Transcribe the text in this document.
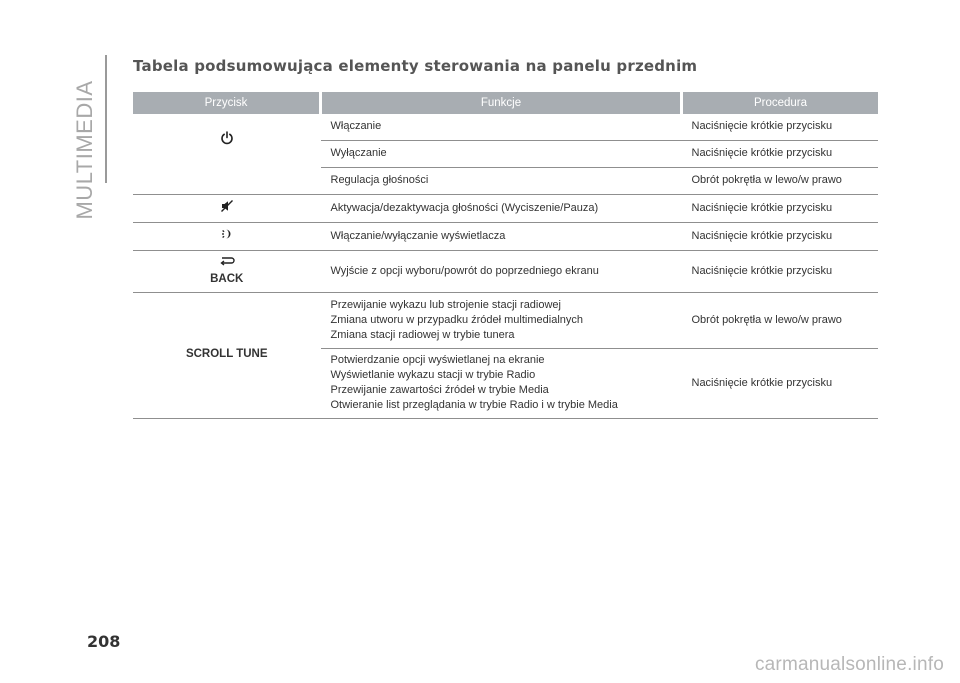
MULTIMEDIA
Tabela podsumowująca elementy sterowania na panelu przednim
Przycisk	Funkcje	Procedura
	Włączanie	Naciśnięcie krótkie przycisku
	Wyłączanie	Naciśnięcie krótkie przycisku
	Regulacja głośności	Obrót pokrętła w lewo/w prawo
	Aktywacja/dezaktywacja głośności (Wyciszenie/Pauza)	Naciśnięcie krótkie przycisku
	Włączanie/wyłączanie wyświetlacza	Naciśnięcie krótkie przycisku

BACK	Wyjście z opcji wyboru/powrót do poprzedniego ekranu	Naciśnięcie krótkie przycisku

SCROLL TUNE	Przewijanie wykazu lub strojenie stacji radiowej
Zmiana utworu w przypadku źródeł multimedialnych
Zmiana stacji radiowej w trybie tunera	Obrót pokrętła w lewo/w prawo

	Potwierdzanie opcji wyświetlanej na ekranie
Wyświetlanie wykazu stacji w trybie Radio
Przewijanie zawartości źródeł w trybie Media
Otwieranie list przeglądania w trybie Radio i w trybie Media	Naciśnięcie krótkie przycisku
208
carmanualsonline.info
